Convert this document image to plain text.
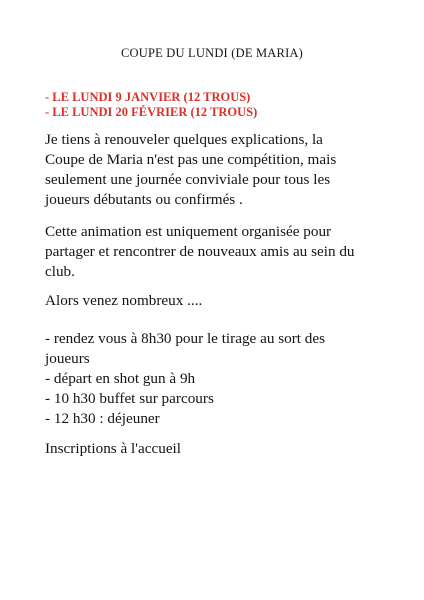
COUPE DU LUNDI (DE MARIA)
- LE LUNDI 9 JANVIER (12 TROUS)
- LE LUNDI 20 FÉVRIER (12 TROUS)
Je tiens à renouveler quelques explications, la
Coupe de Maria n'est pas une compétition, mais
seulement une journée conviviale pour tous les
joueurs débutants ou confirmés .
Cette animation est uniquement organisée pour
partager et rencontrer de nouveaux amis au sein du
club.
Alors venez nombreux ....
- rendez vous à 8h30 pour le tirage au sort des
joueurs
- départ en shot gun à 9h
- 10 h30 buffet sur parcours
- 12 h30 : déjeuner
Inscriptions à l'accueil
